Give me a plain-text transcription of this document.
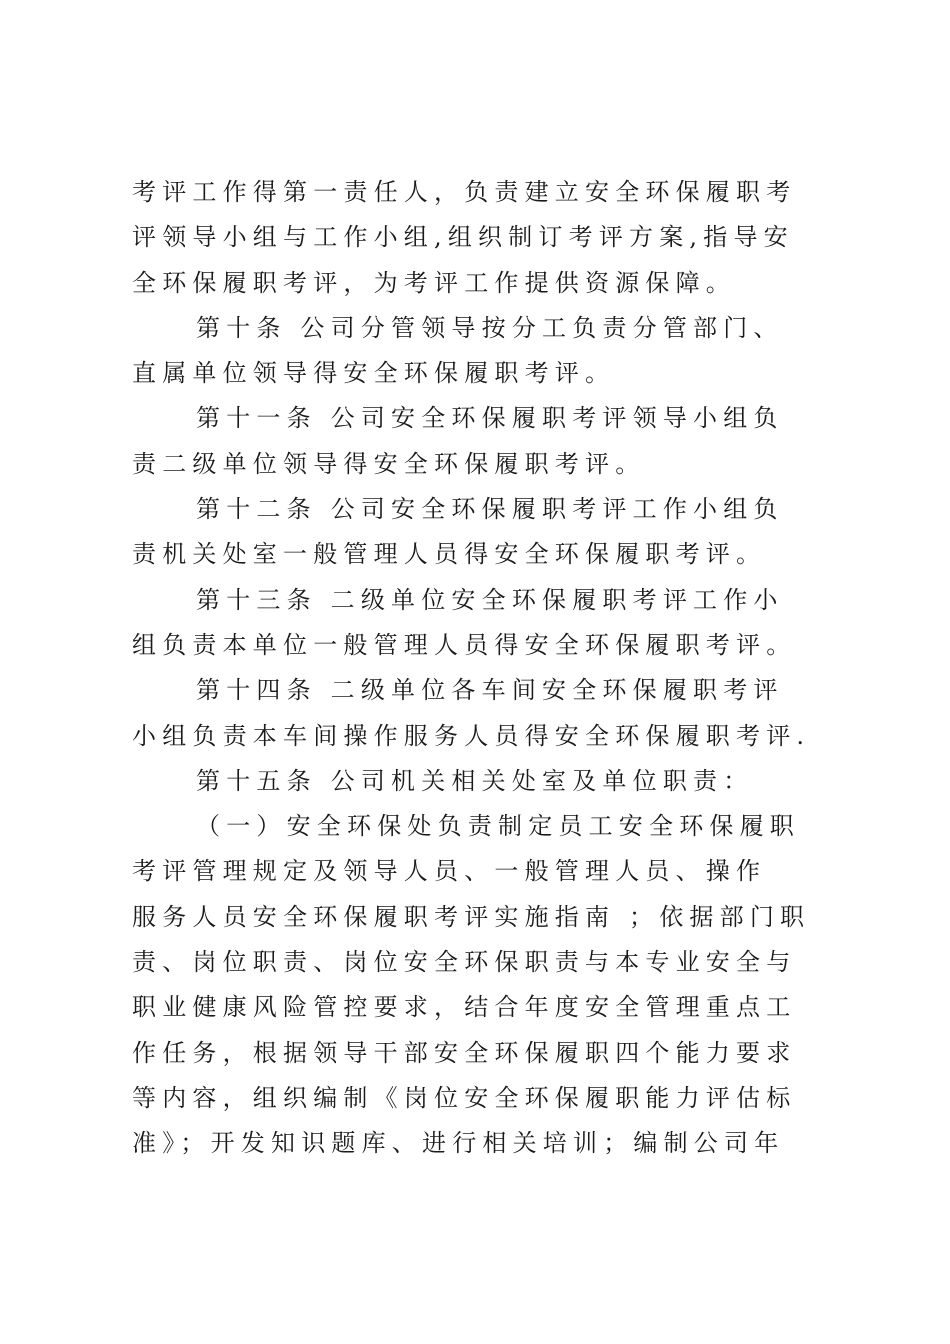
考评工作得第一责任人，负责建立安全环保履职考
评领导小组与工作小组,组织制订考评方案,指导安
全环保履职考评，为考评工作提供资源保障。
第十条 公司分管领导按分工负责分管部门、
直属单位领导得安全环保履职考评。
第十一条 公司安全环保履职考评领导小组负
责二级单位领导得安全环保履职考评。
第十二条 公司安全环保履职考评工作小组负
责机关处室一般管理人员得安全环保履职考评。
第十三条 二级单位安全环保履职考评工作小
组负责本单位一般管理人员得安全环保履职考评。
第十四条 二级单位各车间安全环保履职考评
小组负责本车间操作服务人员得安全环保履职考评.
第十五条 公司机关相关处室及单位职责：
（一）安全环保处负责制定员工安全环保履职
考评管理规定及领导人员、一般管理人员、操作
服务人员安全环保履职考评实施指南 ；依据部门职
责、岗位职责、岗位安全环保职责与本专业安全与
职业健康风险管控要求，结合年度安全管理重点工
作任务，根据领导干部安全环保履职四个能力要求
等内容，组织编制《岗位安全环保履职能力评估标
准》；开发知识题库、进行相关培训；编制公司年
